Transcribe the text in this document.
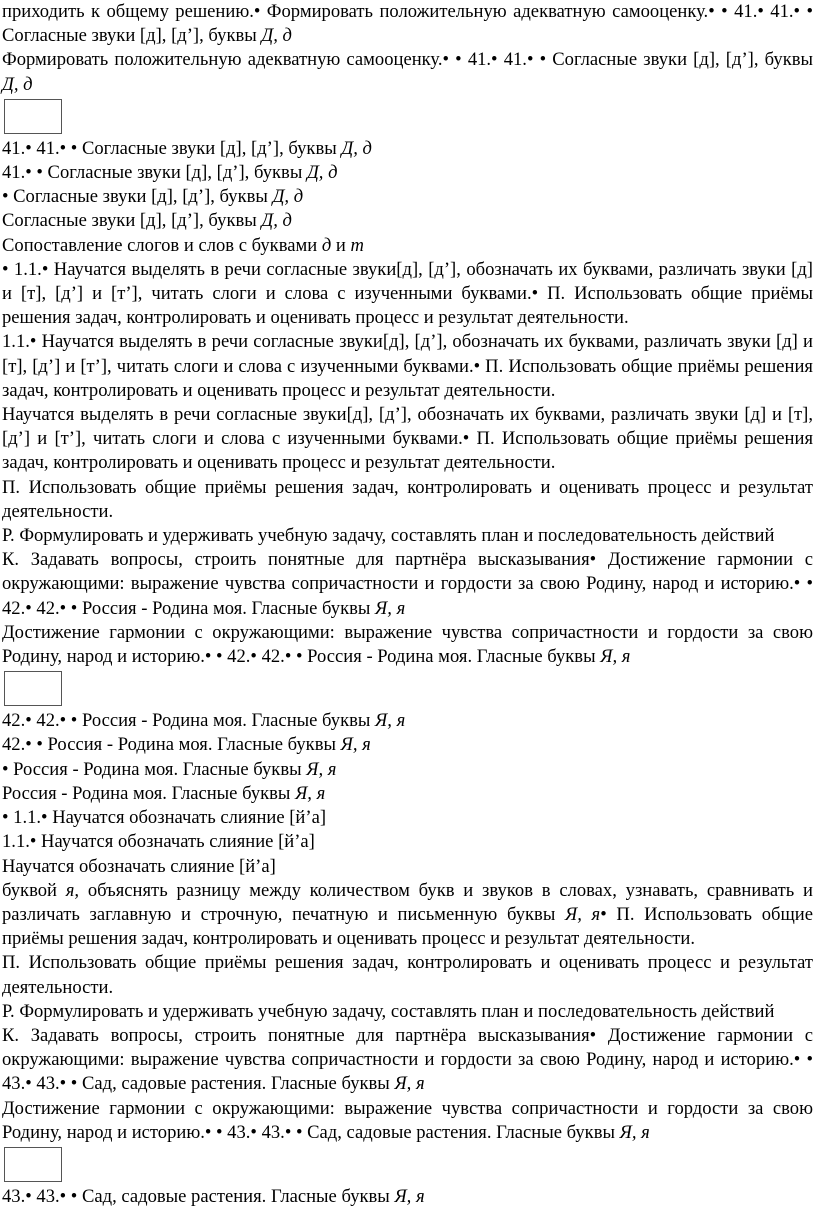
приходить к общему решению.• Формировать положительную адекватную самооценку.• • 41.• 41.• • Согласные звуки [д], [д’], буквы Д, д

Формировать положительную адекватную самооценку.• • 41.• 41.• • Согласные звуки [д], [д’], буквы Д, д

41.• 41.• • Согласные звуки [д], [д’], буквы Д, д

41.• • Согласные звуки [д], [д’], буквы Д, д

• Согласные звуки [д], [д’], буквы Д, д

Согласные звуки [д], [д’], буквы Д, д

Сопоставление слогов и слов с буквами д и т

• 1.1.• Научатся выделять в речи согласные звуки[д], [д’], обозначать их буквами, различать звуки [д] и [т], [д’] и [т’], читать слоги и слова с изученными буквами.• П. Использовать общие приёмы решения задач, контролировать и оценивать процесс и результат деятельности.

1.1.• Научатся выделять в речи согласные звуки[д], [д’], обозначать их буквами, различать звуки [д] и [т], [д’] и [т’], читать слоги и слова с изученными буквами.• П. Использовать общие приёмы решения задач, контролировать и оценивать процесс и результат деятельности.

Научатся выделять в речи согласные звуки[д], [д’], обозначать их буквами, различать звуки [д] и [т], [д’] и [т’], читать слоги и слова с изученными буквами.• П. Использовать общие приёмы решения задач, контролировать и оценивать процесс и результат деятельности.

П. Использовать общие приёмы решения задач, контролировать и оценивать процесс и результат деятельности.

Р. Формулировать и удерживать учебную задачу, составлять план и последовательность действий

К. Задавать вопросы, строить понятные для партнёра высказывания• Достижение гармонии с окружающими: выражение чувства сопричастности и гордости за свою Родину, народ и историю.• • 42.• 42.• • Россия - Родина моя. Гласные буквы Я, я

Достижение гармонии с окружающими: выражение чувства сопричастности и гордости за свою Родину, народ и историю.• • 42.• 42.• • Россия - Родина моя. Гласные буквы Я, я

42.• 42.• • Россия - Родина моя. Гласные буквы Я, я

42.• • Россия - Родина моя. Гласные буквы Я, я

• Россия - Родина моя. Гласные буквы Я, я

Россия - Родина моя. Гласные буквы Я, я

• 1.1.• Научатся обозначать слияние [й’а]

1.1.• Научатся обозначать слияние [й’а]

Научатся обозначать слияние [й’а]

буквой я, объяснять разницу между количеством букв и звуков в словах, узнавать, сравнивать и различать заглавную и строчную, печатную и письменную буквы Я, я• П. Использовать общие приёмы решения задач, контролировать и оценивать процесс и результат деятельности.

П. Использовать общие приёмы решения задач, контролировать и оценивать процесс и результат деятельности.

Р. Формулировать и удерживать учебную задачу, составлять план и последовательность действий

К. Задавать вопросы, строить понятные для партнёра высказывания• Достижение гармонии с окружающими: выражение чувства сопричастности и гордости за свою Родину, народ и историю.• • 43.• 43.• • Сад, садовые растения. Гласные буквы Я, я

Достижение гармонии с окружающими: выражение чувства сопричастности и гордости за свою Родину, народ и историю.• • 43.• 43.• • Сад, садовые растения. Гласные буквы Я, я

43.• 43.• • Сад, садовые растения. Гласные буквы Я, я
